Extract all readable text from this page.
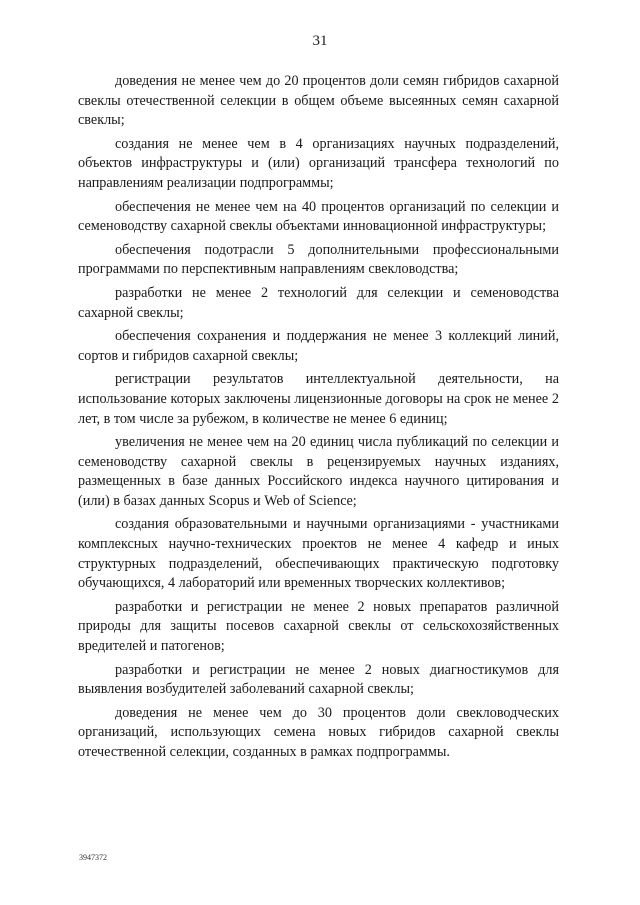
31

доведения не менее чем до 20 процентов доли семян гибридов сахарной свеклы отечественной селекции в общем объеме высеянных семян сахарной свеклы;

создания не менее чем в 4 организациях научных подразделений, объектов инфраструктуры и (или) организаций трансфера технологий по направлениям реализации подпрограммы;

обеспечения не менее чем на 40 процентов организаций по селекции и семеноводству сахарной свеклы объектами инновационной инфраструктуры;

обеспечения подотрасли 5 дополнительными профессиональными программами по перспективным направлениям свекловодства;

разработки не менее 2 технологий для селекции и семеноводства сахарной свеклы;

обеспечения сохранения и поддержания не менее 3 коллекций линий, сортов и гибридов сахарной свеклы;

регистрации результатов интеллектуальной деятельности, на использование которых заключены лицензионные договоры на срок не менее 2 лет, в том числе за рубежом, в количестве не менее 6 единиц;

увеличения не менее чем на 20 единиц числа публикаций по селекции и семеноводству сахарной свеклы в рецензируемых научных изданиях, размещенных в базе данных Российского индекса научного цитирования и (или) в базах данных Scopus и Web of Science;

создания образовательными и научными организациями - участниками комплексных научно-технических проектов не менее 4 кафедр и иных структурных подразделений, обеспечивающих практическую подготовку обучающихся, 4 лабораторий или временных творческих коллективов;

разработки и регистрации не менее 2 новых препаратов различной природы для защиты посевов сахарной свеклы от сельскохозяйственных вредителей и патогенов;

разработки и регистрации не менее 2 новых диагностикумов для выявления возбудителей заболеваний сахарной свеклы;

доведения не менее чем до 30 процентов доли свекловодческих организаций, использующих семена новых гибридов сахарной свеклы отечественной селекции, созданных в рамках подпрограммы.

3947372
